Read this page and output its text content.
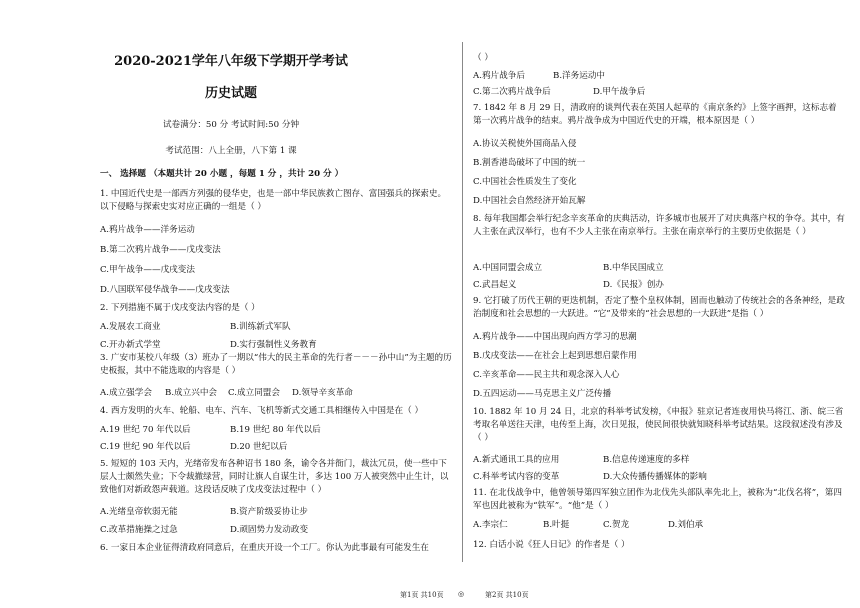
2020-2021学年八年级下学期开学考试
历史试题
试卷满分：50 分 考试时间:50 分钟
考试范围：八上全册，八下第 1 课
一、 选择题 （本题共计 20 小题 ，每题 1 分 ，共计 20 分 ）
1. 中国近代史是一部西方列强的侵华史，也是一部中华民族救亡图存、富国强兵的探索史。以下侵略与探索史实对应正确的一组是（ ）
A.鸦片战争——洋务运动
B.第二次鸦片战争——戊戌变法
C.甲午战争——戊戌变法
D.八国联军侵华战争——戊戌变法
2. 下列措施不属于戊戌变法内容的是（ ）
A.发展农工商业	B.训练新式军队
C.开办新式学堂	D.实行强制性义务教育
3. 广安市某校八年级（3）班办了一期以“伟大的民主革命的先行者－－－孙中山”为主题的历史板报，其中不能选取的内容是（ ）
A.成立强学会 B.成立兴中会 C.成立同盟会 D.领导辛亥革命
4. 西方发明的火车、轮船、电车、汽车、飞机等新式交通工具相继传入中国是在（ ）
A.19 世纪 70 年代以后	B.19 世纪 80 年代以后
C.19 世纪 90 年代以后	D.20 世纪以后
5. 短短的 103 天内，光绪帝发布各种诏书 180 条，谕令各并衙门，裁汰冗员，使一些中下层人士颇然失业；下令裁撤绿营，同时让旗人自谋生计，多达 100 万人被突然中止生计，以致他们对新政怨声载道。这段话反映了戊戌变法过程中（ ）
A.光绪皇帝软弱无能	B.资产阶级妥协让步
C.改革措施操之过急	D.顽固势力发动政变
6. 一家日本企业征得清政府同意后，在重庆开设一个工厂。你认为此事最有可能发生在
第1页 共10页 ◎
（ ）
A.鸦片战争后	B.洋务运动中
C.第二次鸦片战争后	D.甲午战争后
7. 1842 年 8 月 29 日，清政府的谈判代表在英国人起草的《南京条约》上签字画押，这标志着第一次鸦片战争的结束。鸦片战争成为中国近代史的开端，根本原因是（ ）
A.协议关税使外国商品入侵
B.割香港岛破坏了中国的统一
C.中国社会性质发生了变化
D.中国社会自然经济开始瓦解
8. 每年我国都会举行纪念辛亥革命的庆典活动，许多城市也展开了对庆典落户权的争夺。其中，有人主张在武汉举行，也有不少人主张在南京举行。主张在南京举行的主要历史依据是（ ）
A.中国同盟会成立	B.中华民国成立
C.武昌起义	D.《民报》创办
9. 它打破了历代王朝的更迭机制，否定了整个皇权体制，固而也触动了传统社会的各条神经，是政治制度和社会思想的一大跃进。“它”及带来的“社会思想的一大跃进”是指（ ）
A.鸦片战争——中国出现向西方学习的思潮
B.戊戌变法——在社会上起到思想启蒙作用
C.辛亥革命——民主共和观念深入人心
D.五四运动——马克思主义广泛传播
10. 1882 年 10 月 24 日，北京的科举考试发榜，《申报》驻京记者连夜用快马将江、浙、皖三省考取名单送往天津，电传至上海，次日见报，使民间很快就知晓科举考试结果。这段叙述没有涉及（ ）
A.新式通讯工具的应用	B.信息传递速度的多样
C.科举考试内容的变革	D.大众传播传播媒体的影响
11. 在北伐战争中，他曾领导第四军独立团作为北伐先头部队率先北上，被称为“北伐名将”，第四军也因此被称为“铁军”。“他”是（ ）
A.李宗仁	B.叶挺	C.贺龙	D.刘伯承
12. 白话小说《狂人日记》的作者是（ ）
第2页 共10页
